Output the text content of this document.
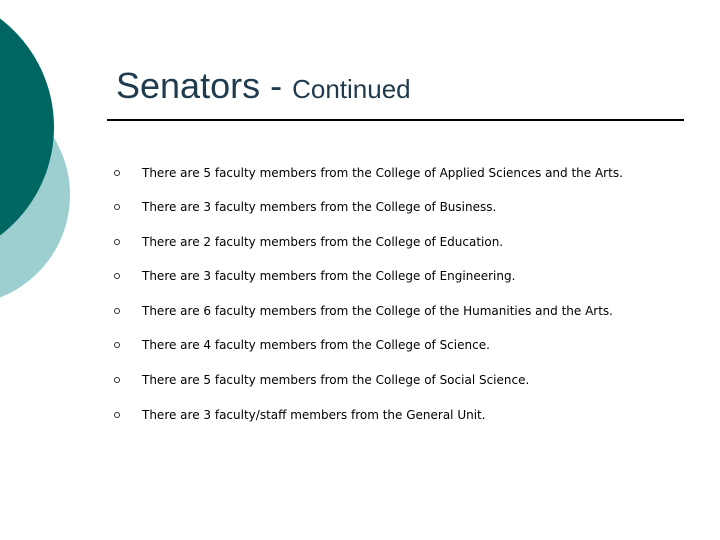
Senators - Continued
There are 5 faculty members from the College of Applied Sciences and the Arts.
There are 3 faculty members from the College of Business.
There are 2 faculty members from the College of Education.
There are 3 faculty members from the College of Engineering.
There are 6 faculty members from the College of the Humanities and the Arts.
There are 4 faculty members from the College of Science.
There are 5 faculty members from the College of Social Science.
There are 3 faculty/staff members from the General Unit.
